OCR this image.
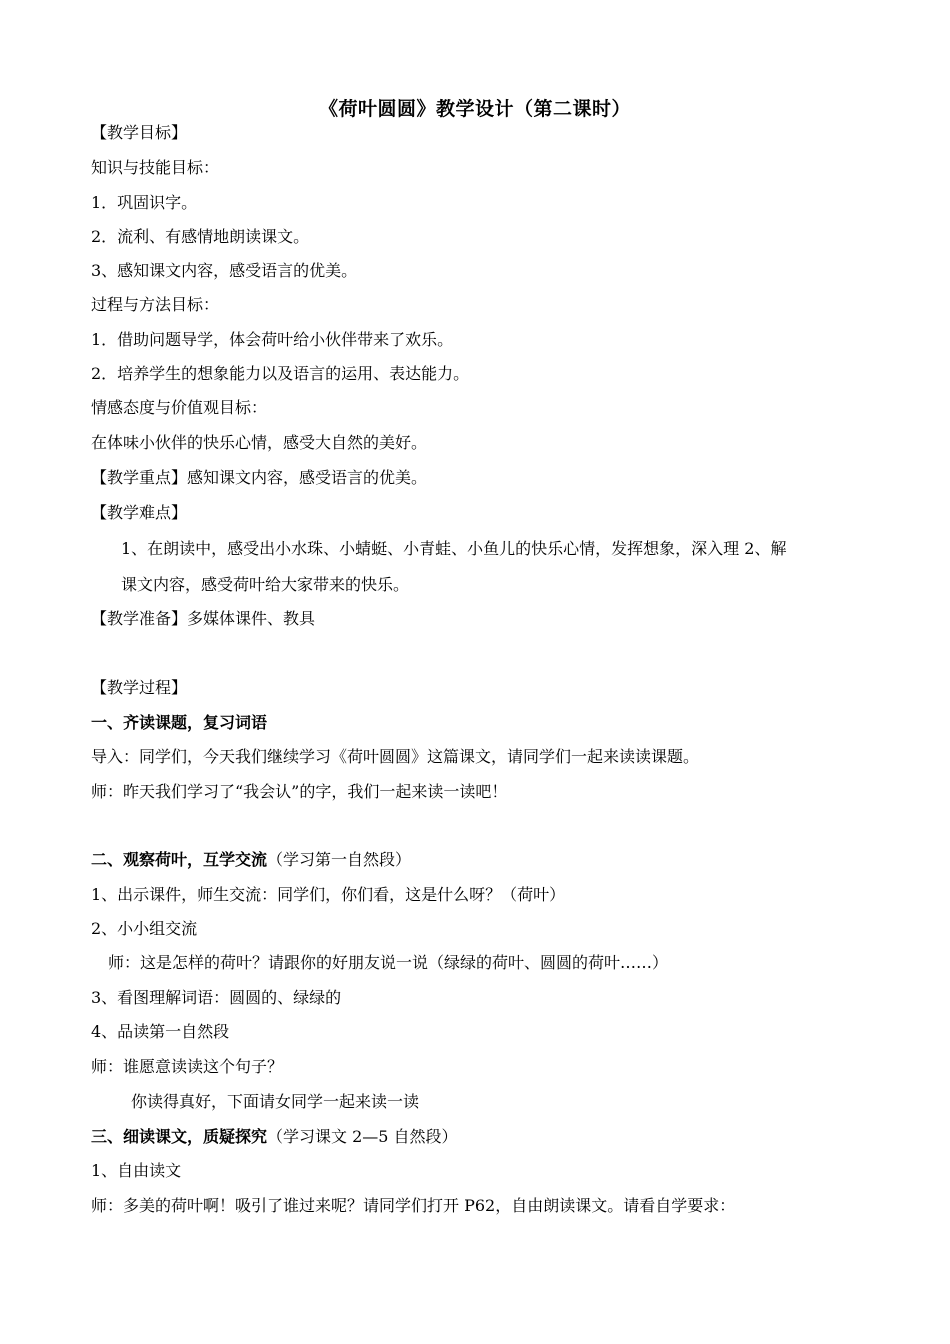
《荷叶圆圆》教学设计（第二课时）
【教学目标】
知识与技能目标：
1．巩固识字。
2．流利、有感情地朗读课文。
3、感知课文内容，感受语言的优美。
过程与方法目标：
1．借助问题导学，体会荷叶给小伙伴带来了欢乐。
2．培养学生的想象能力以及语言的运用、表达能力。
情感态度与价值观目标：
在体味小伙伴的快乐心情，感受大自然的美好。
【教学重点】感知课文内容，感受语言的优美。
【教学难点】
1、在朗读中，感受出小水珠、小蜻蜓、小青蛙、小鱼儿的快乐心情，发挥想象，深入理 2、解
课文内容，感受荷叶给大家带来的快乐。
【教学准备】多媒体课件、教具
【教学过程】
一、齐读课题，复习词语
导入：同学们，今天我们继续学习《荷叶圆圆》这篇课文，请同学们一起来读读课题。
师：昨天我们学习了“我会认”的字，我们一起来读一读吧！
二、观察荷叶，互学交流（学习第一自然段）
1、出示课件，师生交流：同学们，你们看，这是什么呀？（荷叶）
2、小小组交流
师：这是怎样的荷叶？请跟你的好朋友说一说（绿绿的荷叶、圆圆的荷叶……）
3、看图理解词语：圆圆的、绿绿的
4、品读第一自然段
师：谁愿意读读这个句子？
你读得真好，下面请女同学一起来读一读
三、细读课文，质疑探究（学习课文 2—5 自然段）
1、自由读文
师：多美的荷叶啊！吸引了谁过来呢？请同学们打开 P62，自由朗读课文。请看自学要求：
